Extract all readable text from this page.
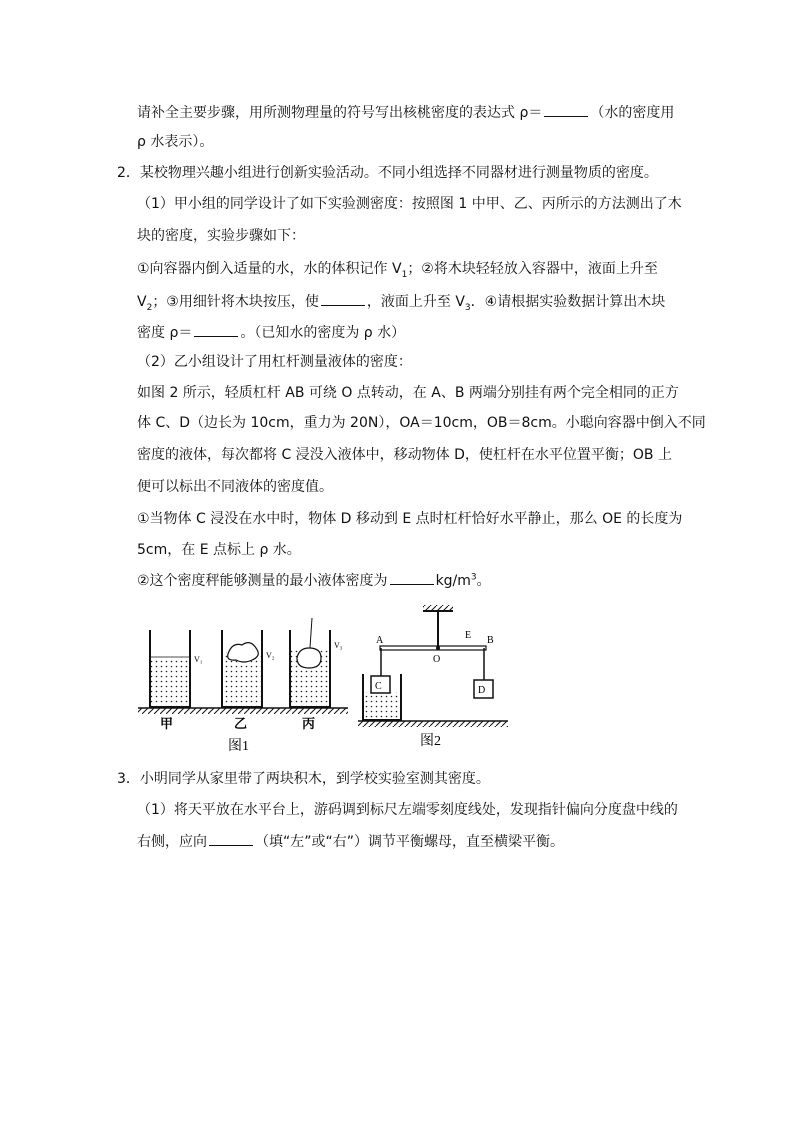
请补全主要步骤，用所测物理量的符号写出核桃密度的表达式 ρ＝	（水的密度用
ρ 水表示）。
2．某校物理兴趣小组进行创新实验活动。不同小组选择不同器材进行测量物质的密度。
（1）甲小组的同学设计了如下实验测密度：按照图 1 中甲、乙、丙所示的方法测出了木
块的密度，实验步骤如下：
①向容器内倒入适量的水，水的体积记作 $V_1$；②将木块轻轻放入容器中，液面上升至
$V_2$；③用细针将木块按压，使	，液面上升至 $V_3$．④请根据实验数据计算出木块
密度 ρ＝	。（已知水的密度为 ρ 水）
（2）乙小组设计了用杠杆测量液体的密度：
如图 2 所示，轻质杠杆 AB 可绕 O 点转动，在 A、B 两端分别挂有两个完全相同的正方
体 C、D（边长为 10cm，重力为 20N），OA＝10cm，OB＝8cm。小聪向容器中倒入不同
密度的液体，每次都将 C 浸没入液体中，移动物体 D，使杠杆在水平位置平衡；OB 上
便可以标出不同液体的密度值。
①当物体 C 浸没在水中时，物体 D 移动到 E 点时杠杆恰好水平静止，那么 OE 的长度为
5cm，在 E 点标上 ρ 水。
②这个密度秤能够测量的最小液体密度为	$kg/m^3$。
V₁	V₂
V₃
甲	乙	丙
图1
A
O
E B
C	D
图2
3．小明同学从家里带了两块积木，到学校实验室测其密度。
（1）将天平放在水平台上，游码调到标尺左端零刻度线处，发现指针偏向分度盘中线的
右侧，应向	（填“左”或“右”）调节平衡螺母，直至横梁平衡。
